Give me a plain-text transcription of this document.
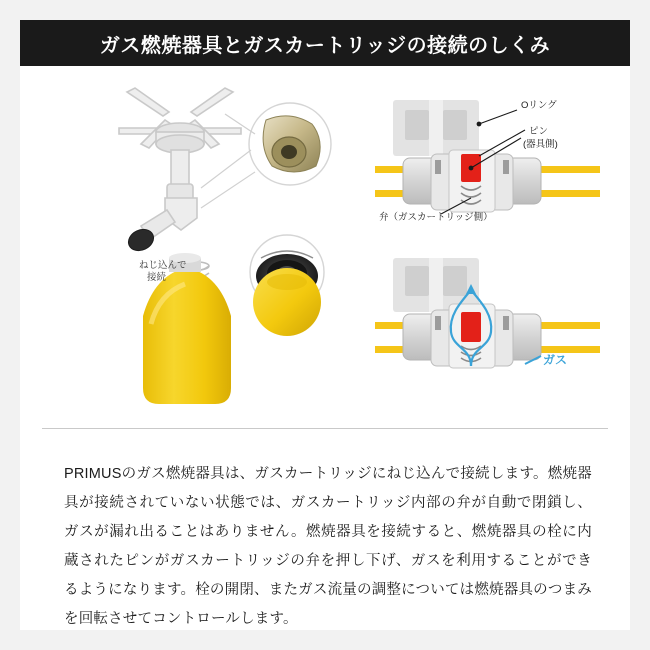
ガス燃焼器具とガスカートリッジの接続のしくみ
ねじ込んで
接続
Oリング
ピン
(器具側)
弁（ガスカートリッジ側）
ガス

PRIMUSのガス燃焼器具は、ガスカートリッジにねじ込んで接続します。燃焼器具が接続されていない状態では、ガスカートリッジ内部の弁が自動で閉鎖し、ガスが漏れ出ることはありません。燃焼器具を接続すると、燃焼器具の栓に内蔵されたピンがガスカートリッジの弁を押し下げ、ガスを利用することができるようになります。栓の開閉、またガス流量の調整については燃焼器具のつまみを回転させてコントロールします。
